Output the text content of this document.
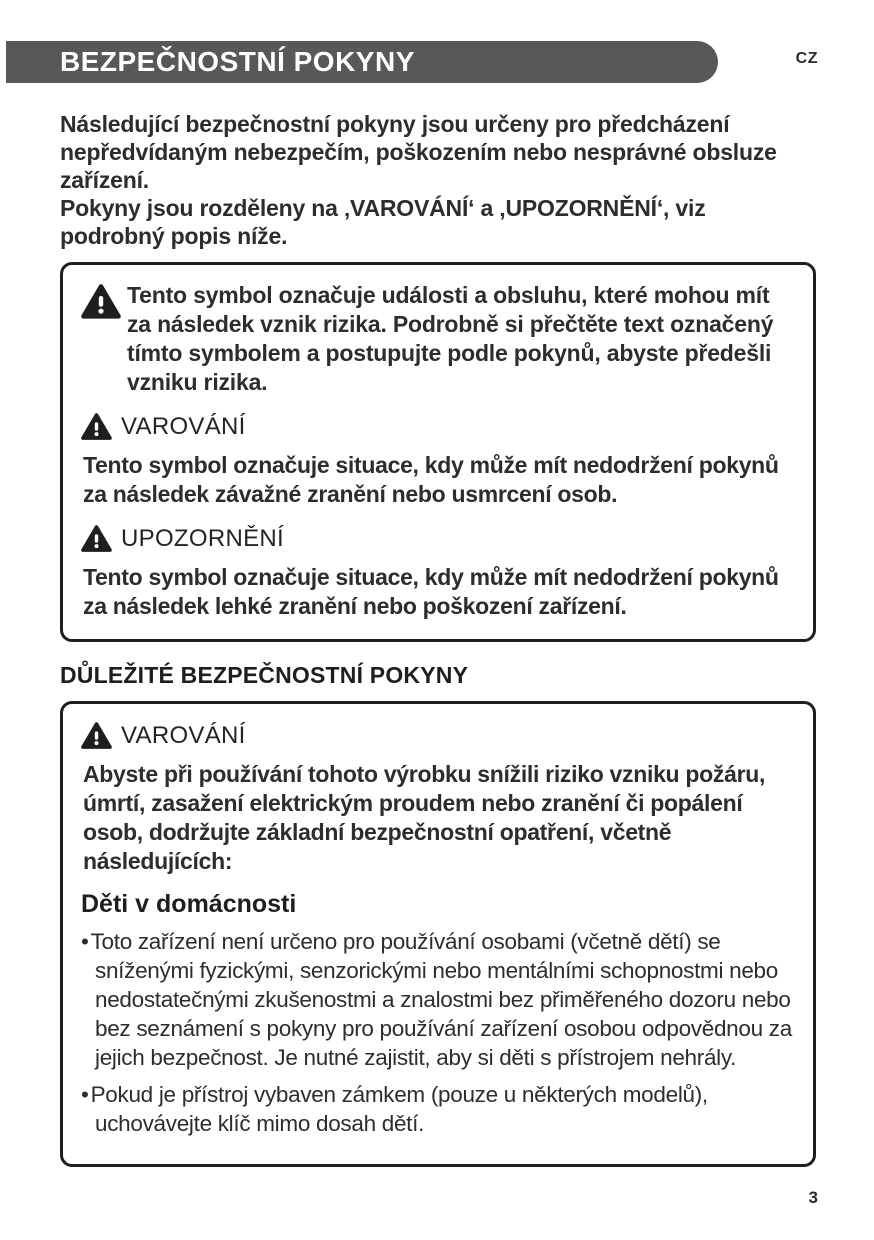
BEZPEČNOSTNÍ POKYNY	CZ

Následující bezpečnostní pokyny jsou určeny pro předcházení nepředvídaným nebezpečím, poškozením nebo nesprávné obsluze zařízení.

Pokyny jsou rozděleny na ‚VAROVÁNÍ‘ a ‚UPOZORNĚNÍ‘, viz podrobný popis níže.

Tento symbol označuje události a obsluhu, které mohou mít za následek vznik rizika. Podrobně si přečtěte text označený tímto symbolem a postupujte podle pokynů, abyste předešli vzniku rizika.

VAROVÁNÍ

Tento symbol označuje situace, kdy může mít nedodržení pokynů za následek závažné zranění nebo usmrcení osob.

UPOZORNĚNÍ

Tento symbol označuje situace, kdy může mít nedodržení pokynů za následek lehké zranění nebo poškození zařízení.

DŮLEŽITÉ BEZPEČNOSTNÍ POKYNY
VAROVÁNÍ

Abyste při používání tohoto výrobku snížili riziko vzniku požáru, úmrtí, zasažení elektrickým proudem nebo zranění či popálení osob, dodržujte základní bezpečnostní opatření, včetně následujících:

Děti v domácnosti
• Toto zařízení není určeno pro používání osobami (včetně dětí) se sníženými fyzickými, senzorickými nebo mentálními schopnostmi nebo nedostatečnými zkušenostmi a znalostmi bez přiměřeného dozoru nebo bez seznámení s pokyny pro používání zařízení osobou odpovědnou za jejich bezpečnost. Je nutné zajistit, aby si děti s přístrojem nehrály.
• Pokud je přístroj vybaven zámkem (pouze u některých modelů), uchovávejte klíč mimo dosah dětí.
3
